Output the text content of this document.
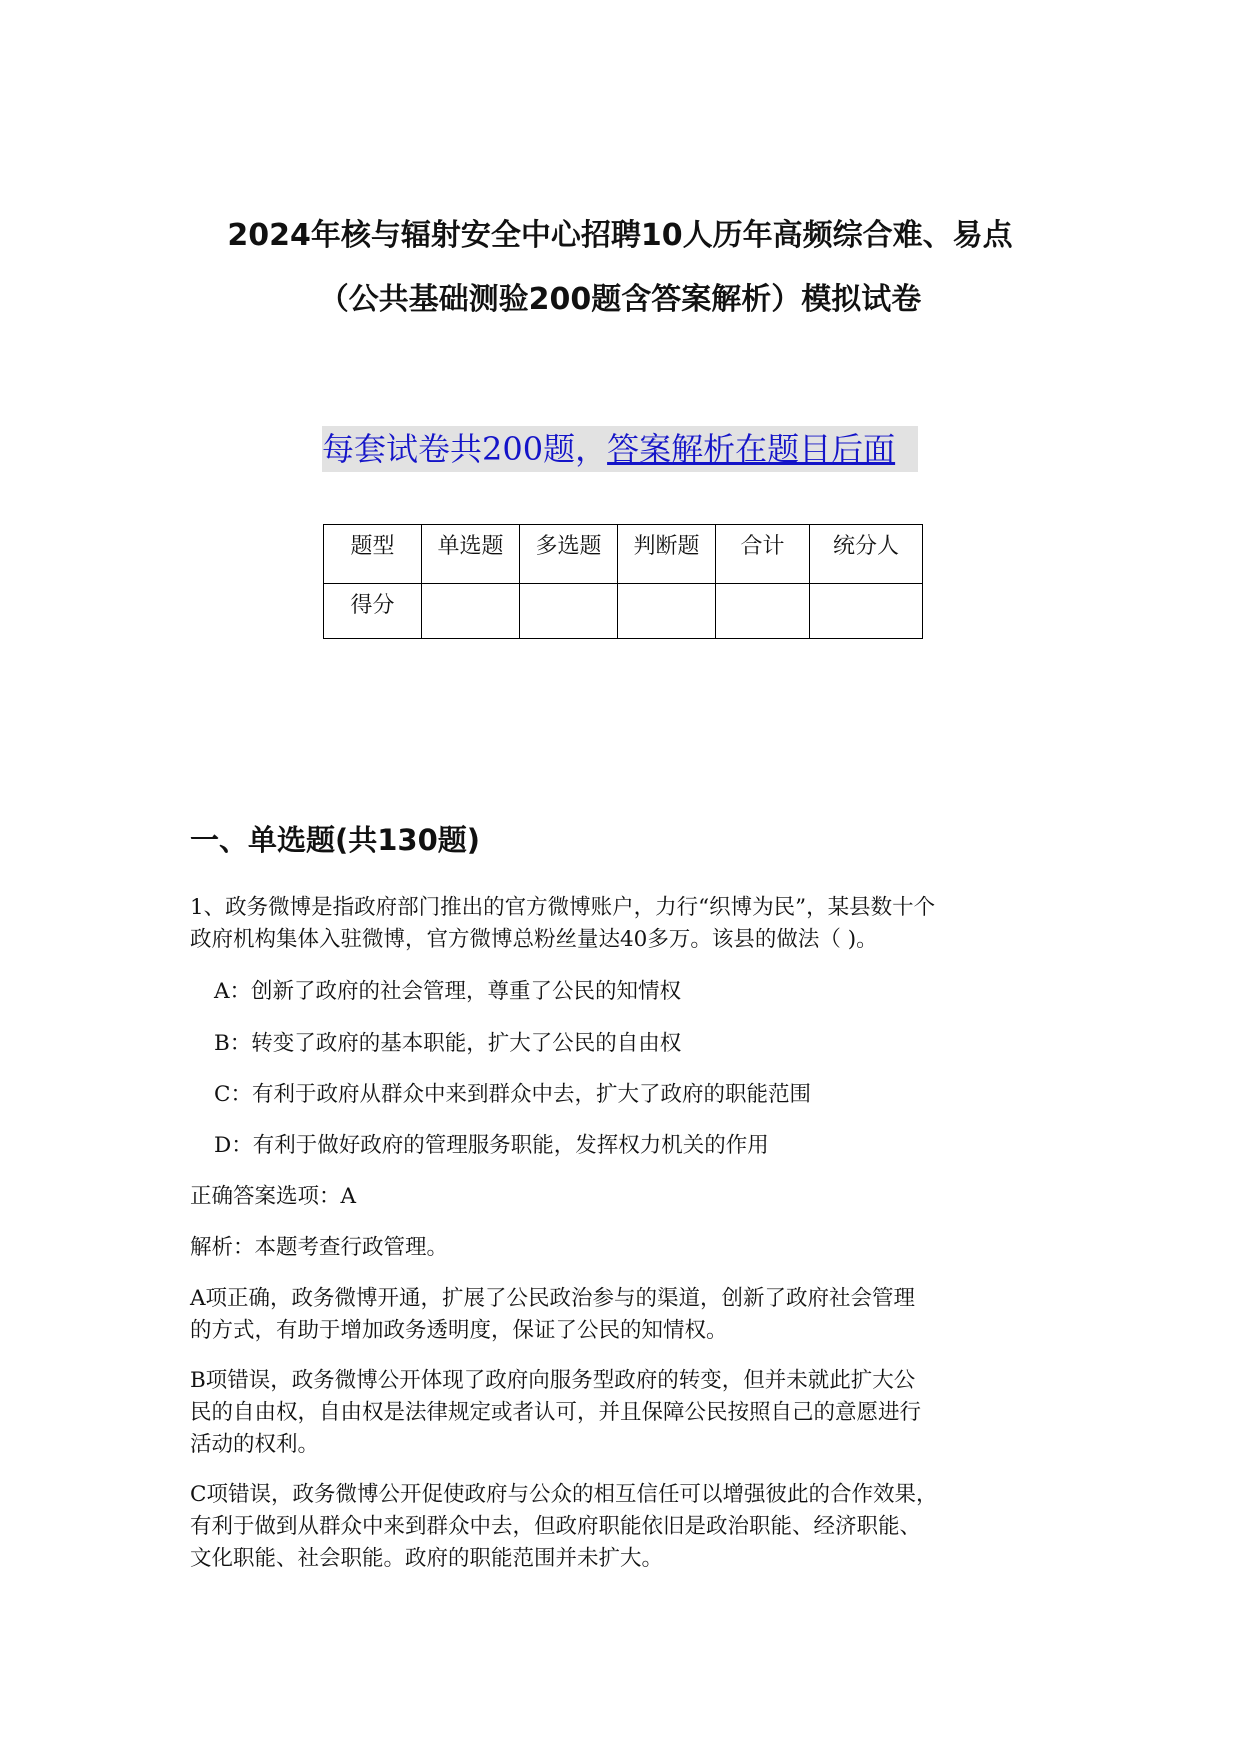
2024年核与辐射安全中心招聘10人历年高频综合难、易点
（公共基础测验200题含答案解析）模拟试卷
每套试卷共200题，答案解析在题目后面
题型	单选题	多选题	判断题	合计	统分人

得分					

一、单选题(共130题)
1、政务微博是指政府部门推出的官方微博账户，力行“织博为民”，某县数十个
政府机构集体入驻微博，官方微博总粉丝量达40多万。该县的做法（ )。
A：创新了政府的社会管理，尊重了公民的知情权
B：转变了政府的基本职能，扩大了公民的自由权
C：有利于政府从群众中来到群众中去，扩大了政府的职能范围
D：有利于做好政府的管理服务职能，发挥权力机关的作用
正确答案选项：A
解析：本题考查行政管理。
A项正确，政务微博开通，扩展了公民政治参与的渠道，创新了政府社会管理
的方式，有助于增加政务透明度，保证了公民的知情权。
B项错误，政务微博公开体现了政府向服务型政府的转变，但并未就此扩大公
民的自由权，自由权是法律规定或者认可，并且保障公民按照自己的意愿进行
活动的权利。
C项错误，政务微博公开促使政府与公众的相互信任可以增强彼此的合作效果，
有利于做到从群众中来到群众中去，但政府职能依旧是政治职能、经济职能、
文化职能、社会职能。政府的职能范围并未扩大。
